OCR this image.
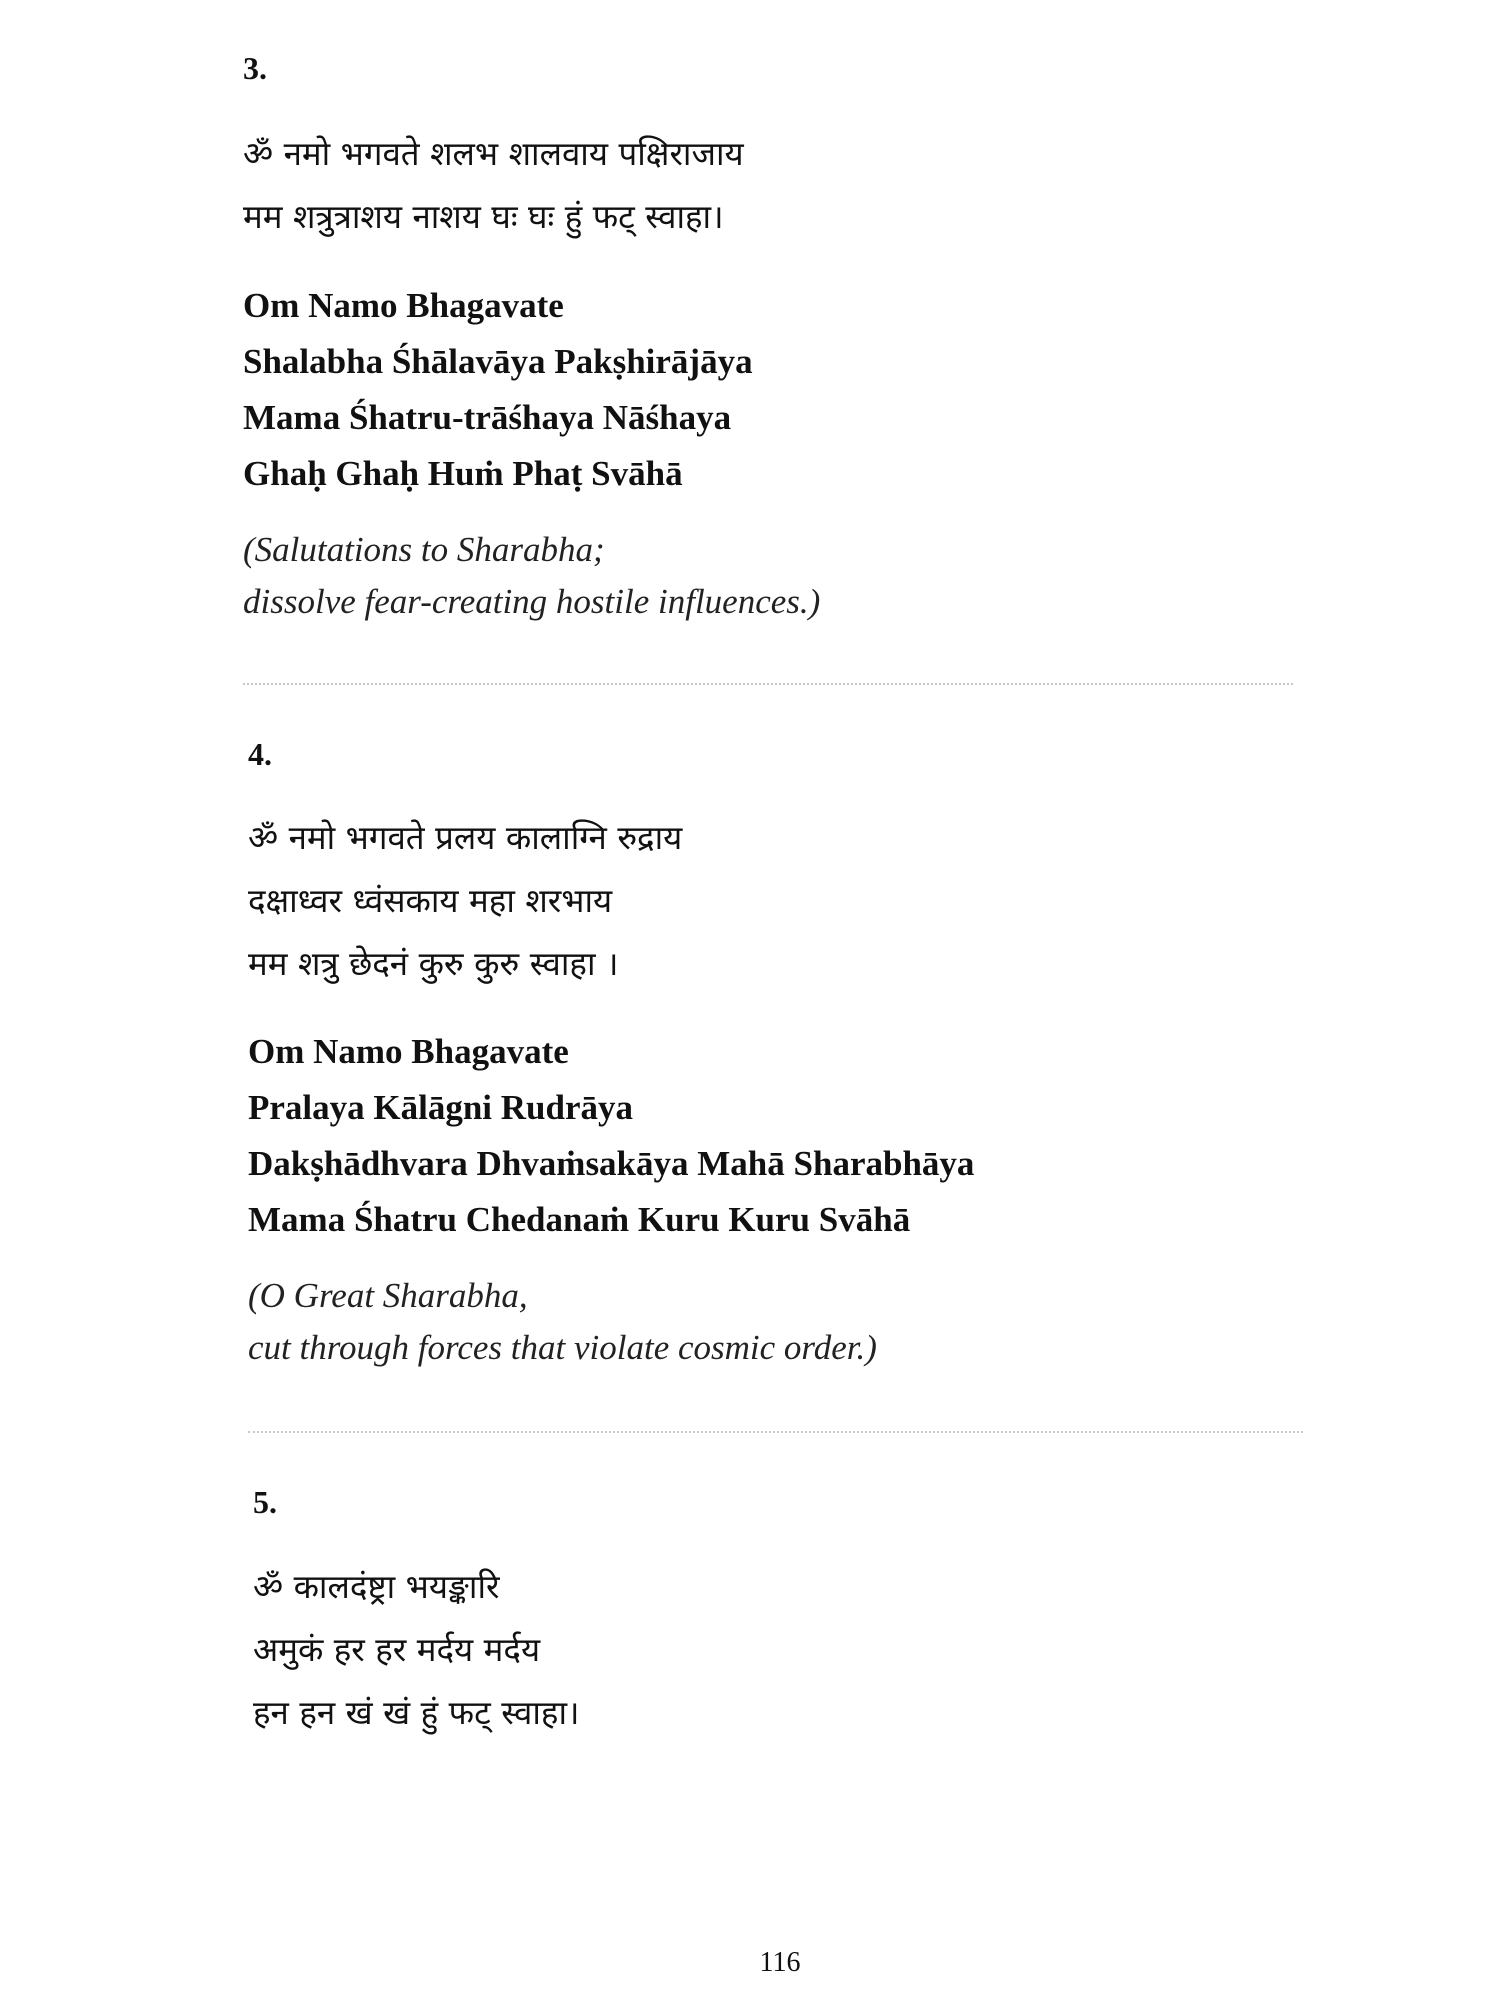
3.
ॐ नमो भगवते शलभ शालवाय पक्षिराजाय
मम शत्रुत्राशय नाशय घः घः हुं फट् स्वाहा।
Om Namo Bhagavate
Shalabha Śhālavāya Pakṣhirājāya
Mama Śhatru-trāśhaya Nāśhaya
Ghaḥ Ghaḥ Huṁ Phaṭ Svāhā
(Salutations to Sharabha;
dissolve fear-creating hostile influences.)
4.
ॐ नमो भगवते प्रलय कालाग्नि रुद्राय
दक्षाध्वर ध्वंसकाय महा शरभाय
मम शत्रु छेदनं कुरु कुरु स्वाहा ।
Om Namo Bhagavate
Pralaya Kālāgni Rudrāya
Dakṣhādhvara Dhvaṁsakāya Mahā Sharabhāya
Mama Śhatru Chedanaṁ Kuru Kuru Svāhā
(O Great Sharabha,
cut through forces that violate cosmic order.)
5.
ॐ कालदंष्ट्रा भयङ्कारि
अमुकं हर हर मर्दय मर्दय
हन हन खं खं हुं फट् स्वाहा।
116
